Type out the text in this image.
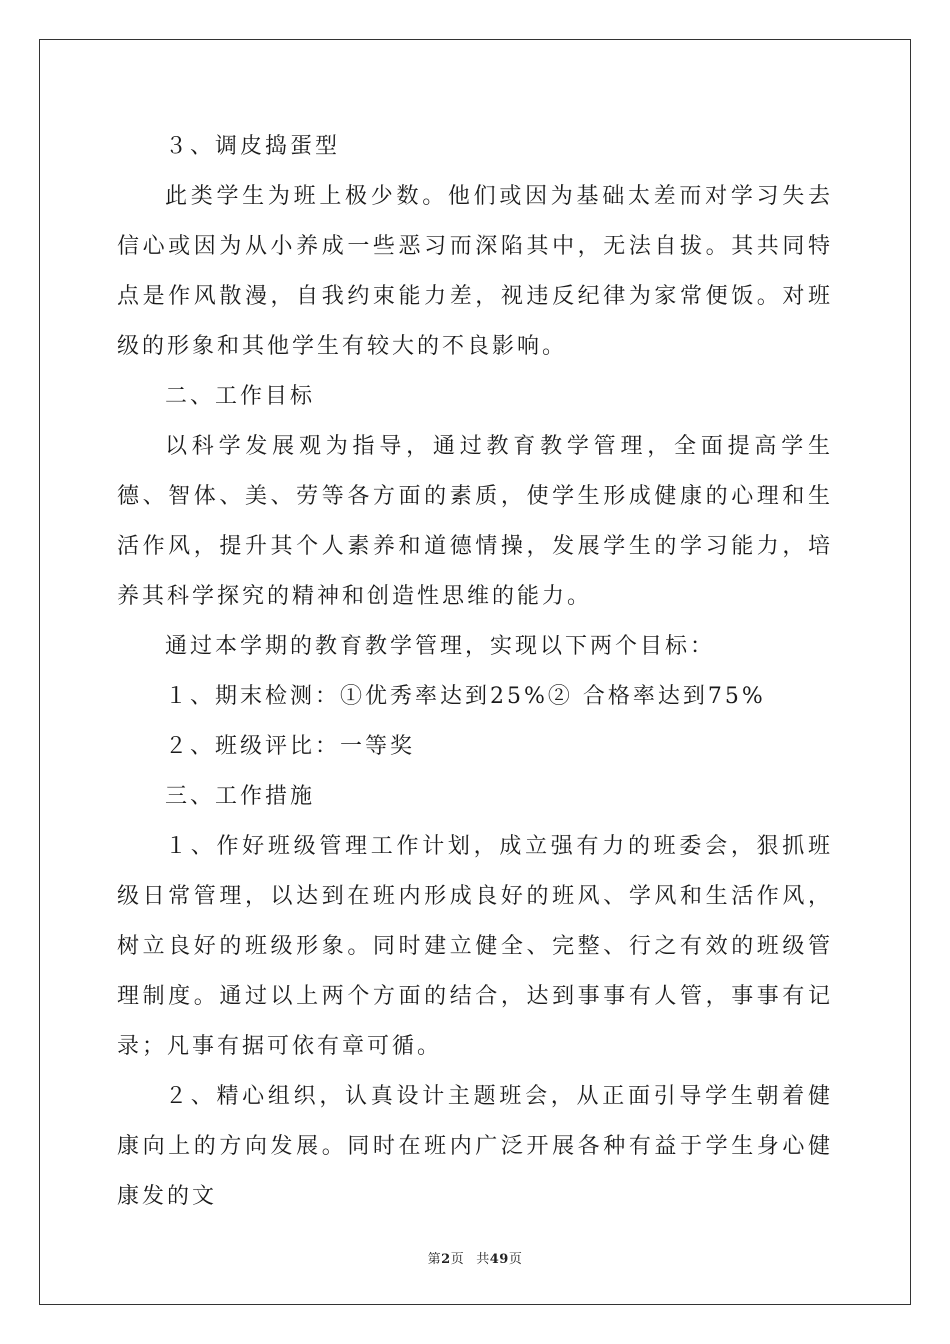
３、调皮捣蛋型

此类学生为班上极少数。他们或因为基础太差而对学习失去信心或因为从小养成一些恶习而深陷其中，无法自拔。其共同特点是作风散漫，自我约束能力差，视违反纪律为家常便饭。对班级的形象和其他学生有较大的不良影响。

二、工作目标

以科学发展观为指导，通过教育教学管理，全面提高学生德、智体、美、劳等各方面的素质，使学生形成健康的心理和生活作风，提升其个人素养和道德情操，发展学生的学习能力，培养其科学探究的精神和创造性思维的能力。

通过本学期的教育教学管理，实现以下两个目标：

１、期末检测：①优秀率达到25%② 合格率达到75%

２、班级评比：一等奖

三、工作措施

１、作好班级管理工作计划，成立强有力的班委会，狠抓班级日常管理，以达到在班内形成良好的班风、学风和生活作风，树立良好的班级形象。同时建立健全、完整、行之有效的班级管理制度。通过以上两个方面的结合，达到事事有人管，事事有记录；凡事有据可依有章可循。

２、精心组织，认真设计主题班会，从正面引导学生朝着健康向上的方向发展。同时在班内广泛开展各种有益于学生身心健康发的文

第2页 共49页
